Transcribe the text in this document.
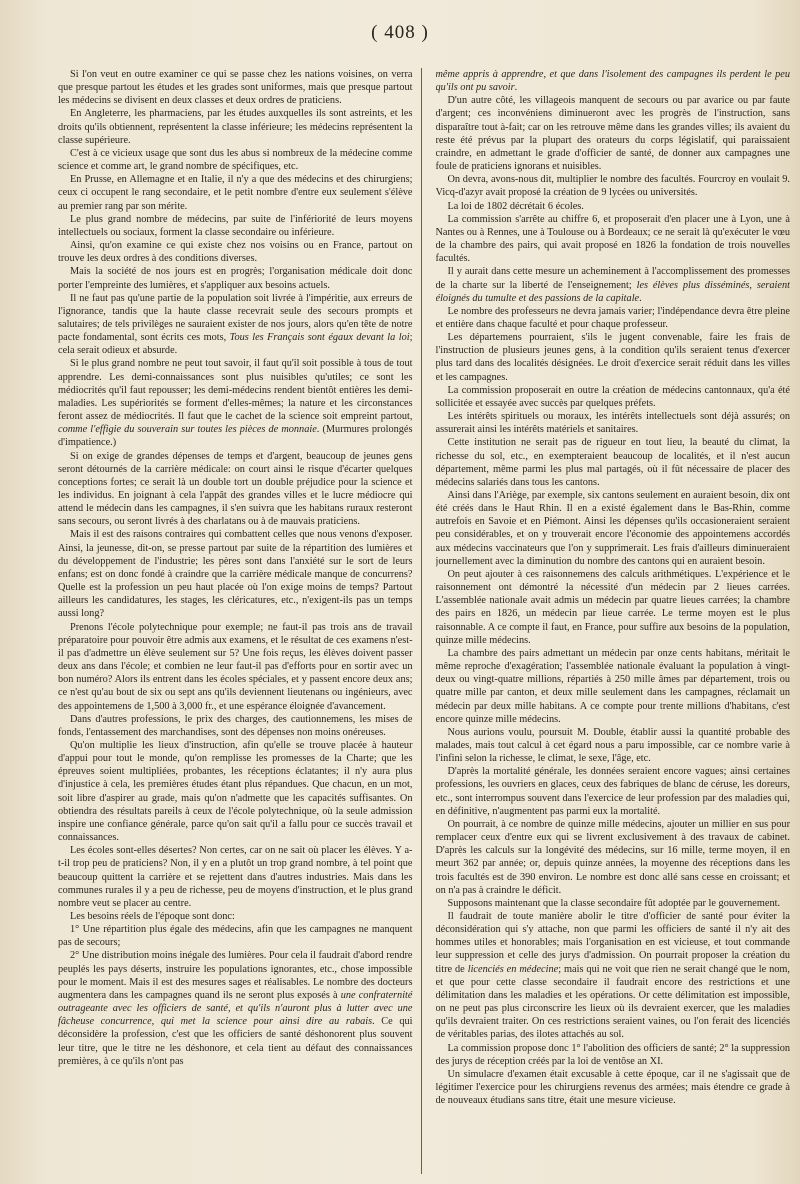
( 408 )

Si l'on veut en outre examiner ce qui se passe chez les nations voisines, on verra que presque partout les études et les grades sont uniformes, mais que presque partout les médecins se divisent en deux classes et deux ordres de praticiens.

En Angleterre, les pharmaciens, par les études auxquelles ils sont astreints, et les droits qu'ils obtiennent, représentent la classe inférieure; les médecins représentent la classe supérieure.

C'est à ce vicieux usage que sont dus les abus si nombreux de la médecine comme science et comme art, le grand nombre de spécifiques, etc.

En Prusse, en Allemagne et en Italie, il n'y a que des médecins et des chirurgiens; ceux ci occupent le rang secondaire, et le petit nombre d'entre eux seulement s'élève au premier rang par son mérite.

Le plus grand nombre de médecins, par suite de l'infériorité de leurs moyens intellectuels ou sociaux, forment la classe secondaire ou inférieure.

Ainsi, qu'on examine ce qui existe chez nos voisins ou en France, partout on trouve les deux ordres à des conditions diverses.

Mais la société de nos jours est en progrès; l'organisation médicale doit donc porter l'empreinte des lumières, et s'appliquer aux besoins actuels.

Il ne faut pas qu'une partie de la population soit livrée à l'impéritie, aux erreurs de l'ignorance, tandis que la haute classe recevrait seule des secours prompts et salutaires; de tels privilèges ne sauraient exister de nos jours, alors qu'en tête de notre pacte fondamental, sont écrits ces mots, Tous les Français sont égaux devant la loi; cela serait odieux et absurde.

Si le plus grand nombre ne peut tout savoir, il faut qu'il soit possible à tous de tout apprendre. Les demi-connaissances sont plus nuisibles qu'utiles; ce sont les médiocrités qu'il faut repousser; les demi-médecins rendent bientôt entières les demi-maladies. Les supériorités se forment d'elles-mêmes; la nature et les circonstances feront assez de médiocrités. Il faut que le cachet de la science soit empreint partout, comme l'effigie du souverain sur toutes les pièces de monnaie. (Murmures prolongés d'impatience.)

Si on exige de grandes dépenses de temps et d'argent, beaucoup de jeunes gens seront détournés de la carrière médicale: on court ainsi le risque d'écarter quelques conceptions fortes; ce serait là un double tort un double préjudice pour la science et les individus. En joignant à cela l'appât des grandes villes et le lucre médiocre qui attend le médecin dans les campagnes, il s'en suivra que les habitans ruraux resteront sans secours, ou seront livrés à des charlatans ou à de mauvais praticiens.

Mais il est des raisons contraires qui combattent celles que nous venons d'exposer. Ainsi, la jeunesse, dit-on, se presse partout par suite de la répartition des lumières et du développement de l'industrie; les pères sont dans l'anxiété sur le sort de leurs enfans; est on donc fondé à craindre que la carrière médicale manque de concurrens? Quelle est la profession un peu haut placée où l'on exige moins de temps? Partout ailleurs les candidatures, les stages, les cléricatures, etc., n'exigent-ils pas un temps aussi long?

Prenons l'école polytechnique pour exemple; ne faut-il pas trois ans de travail préparatoire pour pouvoir être admis aux examens, et le résultat de ces examens n'est-il pas d'admettre un élève seulement sur 5? Une fois reçus, les élèves doivent passer deux ans dans l'école; et combien ne leur faut-il pas d'efforts pour en sortir avec un bon numéro? Alors ils entrent dans les écoles spéciales, et y passent encore deux ans; ce n'est qu'au bout de six ou sept ans qu'ils deviennent lieutenans ou ingénieurs, avec des appointemens de 1,500 à 3,000 fr., et une espérance éloignée d'avancement.

Dans d'autres professions, le prix des charges, des cautionnemens, les mises de fonds, l'entassement des marchandises, sont des dépenses non moins onéreuses.

Qu'on multiplie les lieux d'instruction, afin qu'elle se trouve placée à hauteur d'appui pour tout le monde, qu'on remplisse les promesses de la Charte; que les épreuves soient multipliées, probantes, les réceptions éclatantes; il n'y aura plus d'injustice à cela, les premières études étant plus répandues. Que chacun, en un mot, soit libre d'aspirer au grade, mais qu'on n'admette que les capacités suffisantes. On obtiendra des résultats pareils à ceux de l'école polytechnique, où la seule admission inspire une confiance générale, parce qu'on sait qu'il a fallu pour ce succès travail et connaissances.

Les écoles sont-elles désertes? Non certes, car on ne sait où placer les élèves. Y a-t-il trop peu de praticiens? Non, il y en a plutôt un trop grand nombre, à tel point que beaucoup quittent la carrière et se rejettent dans d'autres industries. Mais dans les communes rurales il y a peu de richesse, peu de moyens d'instruction, et le plus grand nombre veut se placer au centre.

Les besoins réels de l'époque sont donc:

1° Une répartition plus égale des médecins, afin que les campagnes ne manquent pas de secours;

2° Une distribution moins inégale des lumières. Pour cela il faudrait d'abord rendre peuplés les pays déserts, instruire les populations ignorantes, etc., chose impossible pour le moment. Mais il est des mesures sages et réalisables. Le nombre des docteurs augmentera dans les campagnes quand ils ne seront plus exposés à une confraternité outrageante avec les officiers de santé, et qu'ils n'auront plus à lutter avec une fâcheuse concurrence, qui met la science pour ainsi dire au rabais. Ce qui déconsidère la profession, c'est que les officiers de santé déshonorent plus souvent leur titre, que le titre ne les déshonore, et cela tient au défaut des connaissances premières, à ce qu'ils n'ont pas

même appris à apprendre, et que dans l'isolement des campagnes ils perdent le peu qu'ils ont pu savoir.

D'un autre côté, les villageois manquent de secours ou par avarice ou par faute d'argent; ces inconvéniens diminueront avec les progrès de l'instruction, sans disparaître tout à-fait; car on les retrouve même dans les grandes villes; ils avaient du reste été prévus par la plupart des orateurs du corps législatif, qui paraissaient craindre, en admettant le grade d'officier de santé, de donner aux campagnes une foule de praticiens ignorans et nuisibles.

On devra, avons-nous dit, multiplier le nombre des facultés. Fourcroy en voulait 9. Vicq-d'azyr avait proposé la création de 9 lycées ou universités.

La loi de 1802 décrétait 6 écoles.

La commission s'arrête au chiffre 6, et proposerait d'en placer une à Lyon, une à Nantes ou à Rennes, une à Toulouse ou à Bordeaux; ce ne serait là qu'exécuter le vœu de la chambre des pairs, qui avait proposé en 1826 la fondation de trois nouvelles facultés.

Il y aurait dans cette mesure un acheminement à l'accomplissement des promesses de la charte sur la liberté de l'enseignement; les élèves plus disséminés, seraient éloignés du tumulte et des passions de la capitale.

Le nombre des professeurs ne devra jamais varier; l'indépendance devra être pleine et entière dans chaque faculté et pour chaque professeur.

Les départemens pourraient, s'ils le jugent convenable, faire les frais de l'instruction de plusieurs jeunes gens, à la condition qu'ils seraient tenus d'exercer plus tard dans des localités désignées. Le droit d'exercice serait réduit dans les villes et les campagnes.

La commission proposerait en outre la création de médecins cantonnaux, qu'a été sollicitée et essayée avec succès par quelques préfets.

Les intérêts spirituels ou moraux, les intérêts intellectuels sont déjà assurés; on assurerait ainsi les intérêts matériels et sanitaires.

Cette institution ne serait pas de rigueur en tout lieu, la beauté du climat, la richesse du sol, etc., en exempteraient beaucoup de localités, et il n'est aucun département, même parmi les plus mal partagés, où il fût nécessaire de placer des médecins salariés dans tous les cantons.

Ainsi dans l'Ariège, par exemple, six cantons seulement en auraient besoin, dix ont été créés dans le Haut Rhin. Il en a existé également dans le Bas-Rhin, comme autrefois en Savoie et en Piémont. Ainsi les dépenses qu'ils occasioneraient seraient peu considérables, et on y trouverait encore l'économie des appointemens accordés aux médecins vaccinateurs que l'on y supprimerait. Les frais d'ailleurs diminueraient journellement avec la diminution du nombre des cantons qui en auraient besoin.

On peut ajouter à ces raisonnemens des calculs arithmétiques. L'expérience et le raisonnement ont démontré la nécessité d'un médecin par 2 lieues carrées. L'assemblée nationale avait admis un médecin par quatre lieues carrées; la chambre des pairs en 1826, un médecin par lieue carrée. Le terme moyen est le plus raisonnable. A ce compte il faut, en France, pour suffire aux besoins de la population, quinze mille médecins.

La chambre des pairs admettant un médecin par onze cents habitans, méritait le même reproche d'exagération; l'assemblée nationale évaluant la population à vingt-deux ou vingt-quatre millions, répartiés à 250 mille âmes par département, trois ou quatre mille par canton, et deux mille seulement dans les campagnes, réclamait un médecin par deux mille habitans. A ce compte pour trente millions d'habitans, c'est encore quinze mille médecins.

Nous aurions voulu, poursuit M. Double, établir aussi la quantité probable des malades, mais tout calcul à cet égard nous a paru impossible, car ce nombre varie à l'infini selon la richesse, le climat, le sexe, l'âge, etc.

D'après la mortalité générale, les données seraient encore vagues; ainsi certaines professions, les ouvriers en glaces, ceux des fabriques de blanc de céruse, les doreurs, etc., sont interrompus souvent dans l'exercice de leur profession par des maladies qui, en définitive, n'augmentent pas parmi eux la mortalité.

On pourrait, à ce nombre de quinze mille médecins, ajouter un millier en sus pour remplacer ceux d'entre eux qui se livrent exclusivement à des travaux de cabinet. D'après les calculs sur la longévité des médecins, sur 16 mille, terme moyen, il en meurt 362 par année; or, depuis quinze années, la moyenne des réceptions dans les trois facultés est de 390 environ. Le nombre est donc allé sans cesse en croissant; et on n'a pas à craindre le déficit.

Supposons maintenant que la classe secondaire fût adoptée par le gouvernement.

Il faudrait de toute manière abolir le titre d'officier de santé pour éviter la déconsidération qui s'y attache, non que parmi les officiers de santé il n'y ait des hommes utiles et honorables; mais l'organisation en est vicieuse, et tout commande leur suppression et celle des jurys d'admission. On pourrait proposer la création du titre de licenciés en médecine; mais qui ne voit que rien ne serait changé que le nom, et que pour cette classe secondaire il faudrait encore des restrictions et une délimitation dans les maladies et les opérations. Or cette délimitation est impossible, on ne peut pas plus circonscrire les lieux où ils devraient exercer, que les maladies qu'ils devraient traiter. On ces restrictions seraient vaines, ou l'on ferait des licenciés de véritables parias, des ilotes attachés au sol.

La commission propose donc 1° l'abolition des officiers de santé; 2° la suppression des jurys de réception créés par la loi de ventôse an XI.

Un simulacre d'examen était excusable à cette époque, car il ne s'agissait que de légitimer l'exercice pour les chirurgiens revenus des armées; mais étendre ce grade à de nouveaux étudians sans titre, était une mesure vicieuse.
